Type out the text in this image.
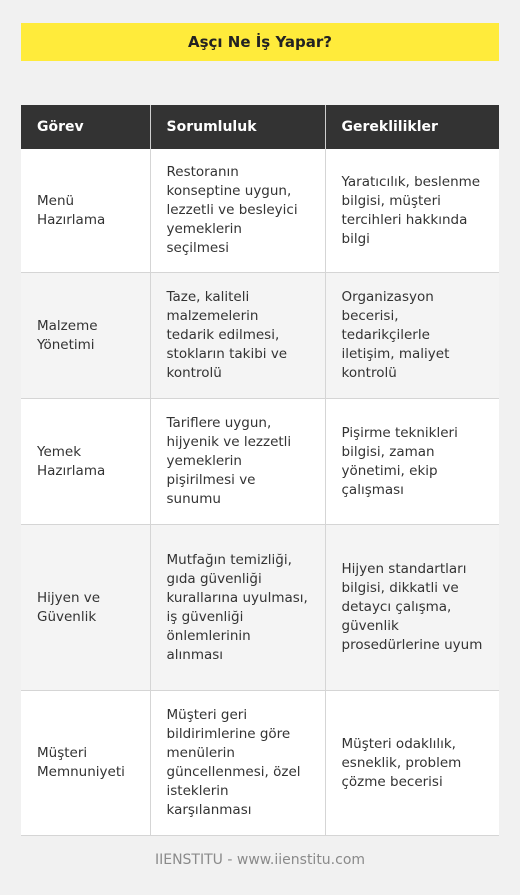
Aşçı Ne İş Yapar?
Görev	Sorumluluk	Gereklilikler
Menü Hazırlama	Restoranın konseptine uygun, lezzetli ve besleyici yemeklerin seçilmesi	Yaratıcılık, beslenme bilgisi, müşteri tercihleri hakkında bilgi
Malzeme Yönetimi	Taze, kaliteli malzemelerin tedarik edilmesi, stokların takibi ve kontrolü	Organizasyon becerisi, tedarikçilerle iletişim, maliyet kontrolü
Yemek Hazırlama	Tariflere uygun, hijyenik ve lezzetli yemeklerin pişirilmesi ve sunumu	Pişirme teknikleri bilgisi, zaman yönetimi, ekip çalışması
Hijyen ve Güvenlik	Mutfağın temizliği, gıda güvenliği kurallarına uyulması, iş güvenliği önlemlerinin alınması	Hijyen standartları bilgisi, dikkatli ve detaycı çalışma, güvenlik prosedürlerine uyum
Müşteri Memnuniyeti	Müşteri geri bildirimlerine göre menülerin güncellenmesi, özel isteklerin karşılanması	Müşteri odaklılık, esneklik, problem çözme becerisi
IIENSTITU - www.iienstitu.com
